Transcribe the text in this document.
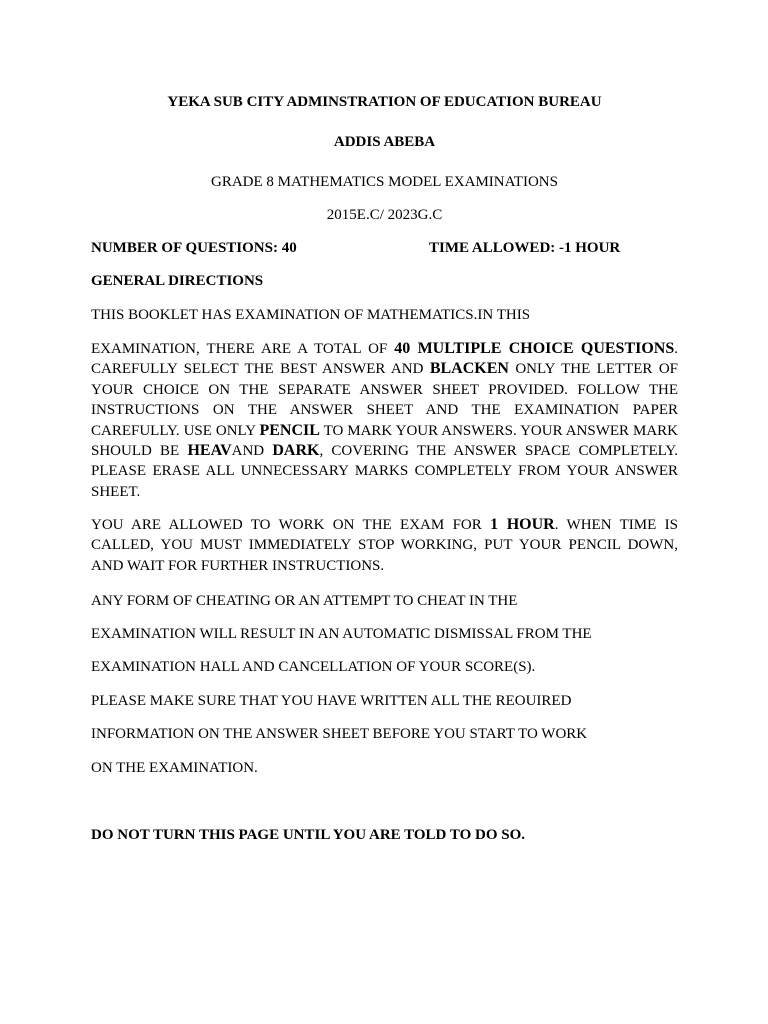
YEKA SUB CITY ADMINSTRATION OF EDUCATION BUREAU
ADDIS ABEBA
GRADE 8 MATHEMATICS MODEL EXAMINATIONS
2015E.C/ 2023G.C
NUMBER OF QUESTIONS: 40	TIME ALLOWED: -1 HOUR
GENERAL DIRECTIONS
THIS BOOKLET HAS EXAMINATION OF MATHEMATICS.IN THIS
EXAMINATION, THERE ARE A TOTAL OF 40 MULTIPLE CHOICE QUESTIONS. CAREFULLY SELECT THE BEST ANSWER AND BLACKEN ONLY THE LETTER OF YOUR CHOICE ON THE SEPARATE ANSWER SHEET PROVIDED. FOLLOW THE INSTRUCTIONS ON THE ANSWER SHEET AND THE EXAMINATION PAPER CAREFULLY. USE ONLY PENCIL TO MARK YOUR ANSWERS. YOUR ANSWER MARK SHOULD BE HEAVAND DARK, COVERING THE ANSWER SPACE COMPLETELY. PLEASE ERASE ALL UNNECESSARY MARKS COMPLETELY FROM YOUR ANSWER SHEET.
YOU ARE ALLOWED TO WORK ON THE EXAM FOR 1 HOUR. WHEN TIME IS CALLED, YOU MUST IMMEDIATELY STOP WORKING, PUT YOUR PENCIL DOWN, AND WAIT FOR FURTHER INSTRUCTIONS.
ANY FORM OF CHEATING OR AN ATTEMPT TO CHEAT IN THE
EXAMINATION WILL RESULT IN AN AUTOMATIC DISMISSAL FROM THE
EXAMINATION HALL AND CANCELLATION OF YOUR SCORE(S).
PLEASE MAKE SURE THAT YOU HAVE WRITTEN ALL THE REOUIRED
INFORMATION ON THE ANSWER SHEET BEFORE YOU START TO WORK
ON THE EXAMINATION.
DO NOT TURN THIS PAGE UNTIL YOU ARE TOLD TO DO SO.
